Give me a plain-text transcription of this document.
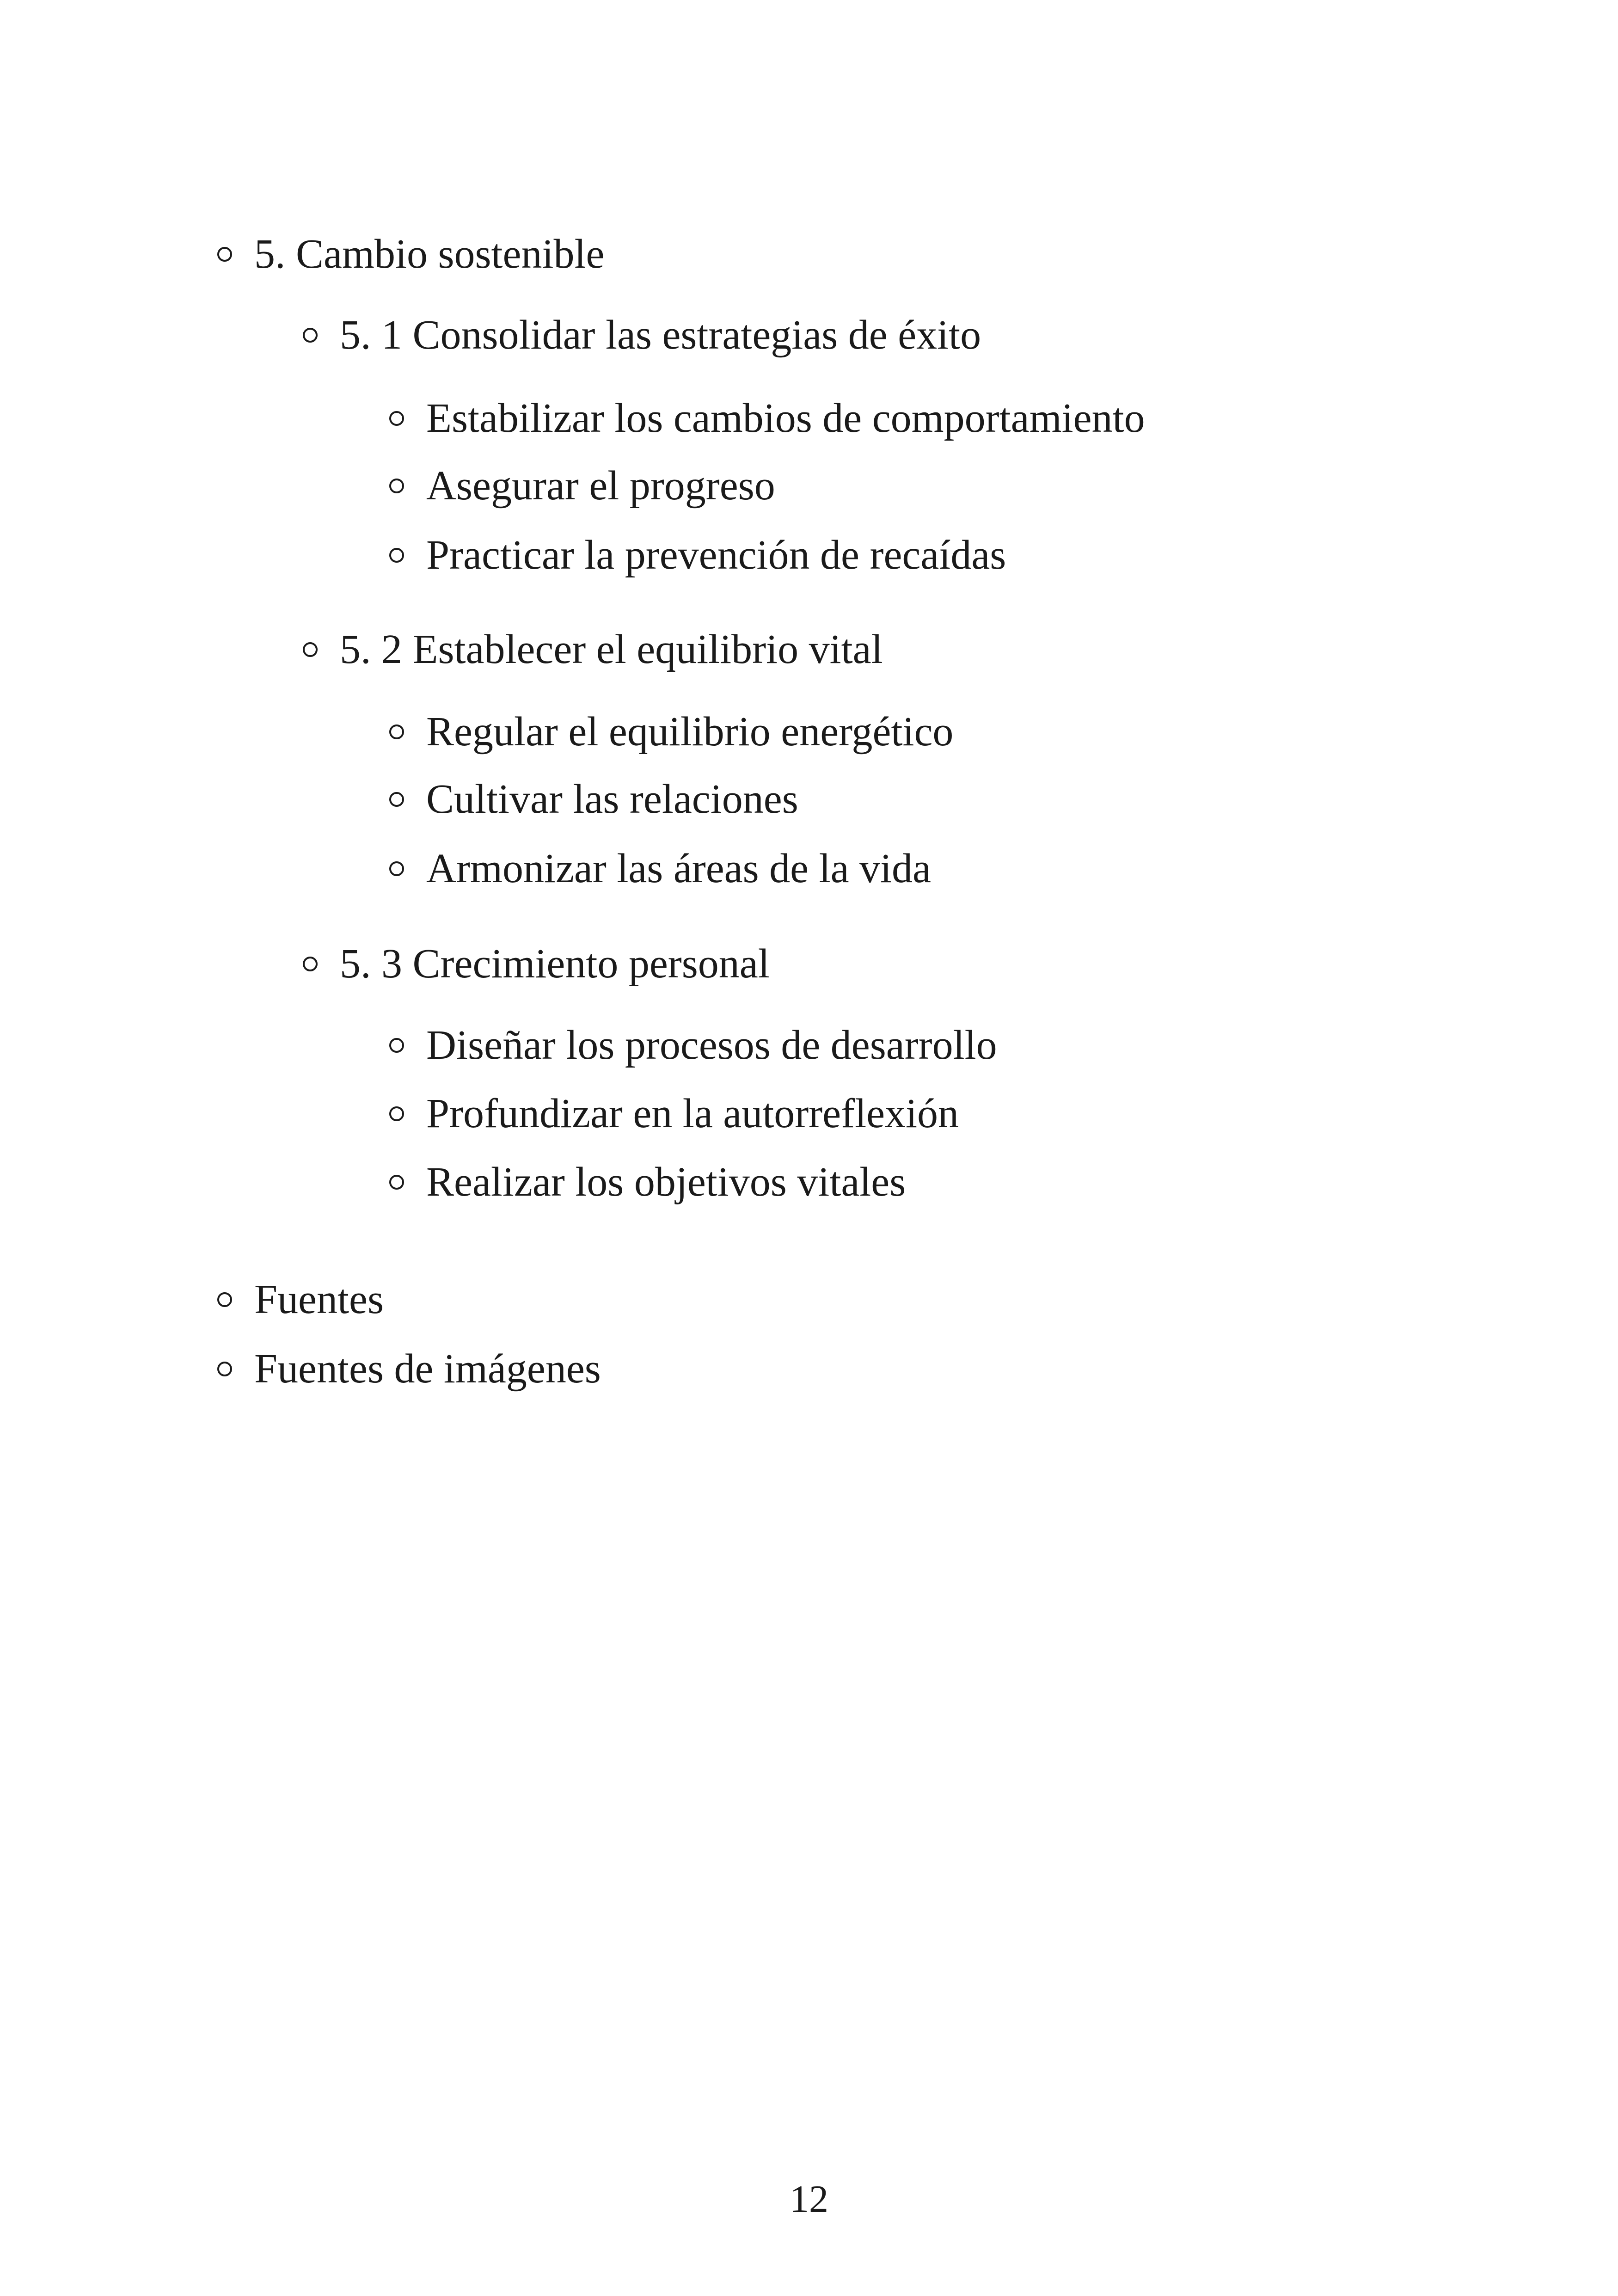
5. Cambio sostenible
5. 1 Consolidar las estrategias de éxito
Estabilizar los cambios de comportamiento
Asegurar el progreso
Practicar la prevención de recaídas
5. 2 Establecer el equilibrio vital
Regular el equilibrio energético
Cultivar las relaciones
Armonizar las áreas de la vida
5. 3 Crecimiento personal
Diseñar los procesos de desarrollo
Profundizar en la autorreflexión
Realizar los objetivos vitales
Fuentes
Fuentes de imágenes
12
